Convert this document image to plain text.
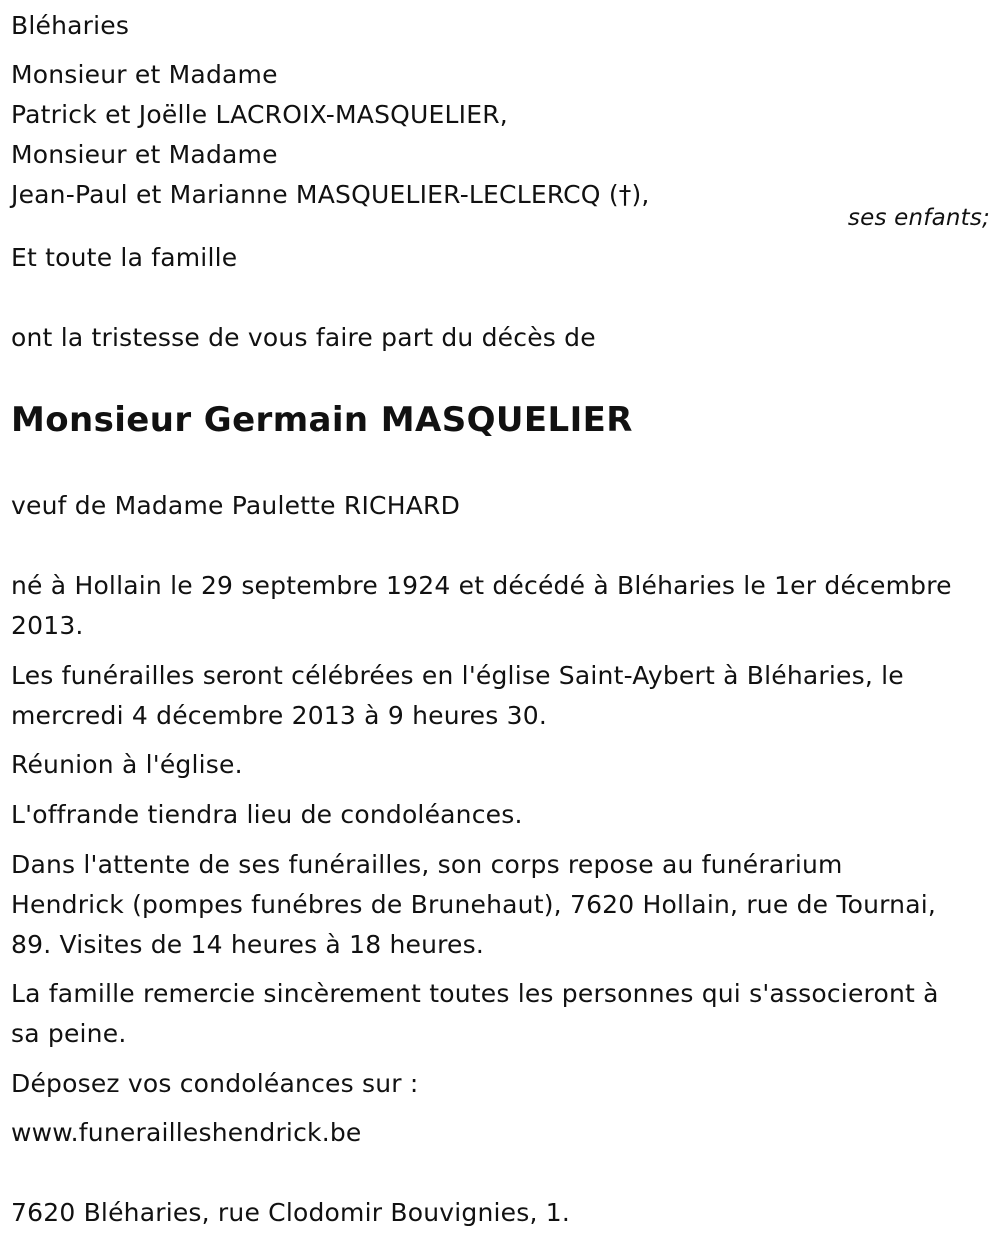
Bléharies
Monsieur et Madame
Patrick et Joëlle LACROIX-MASQUELIER,
Monsieur et Madame
Jean-Paul et Marianne MASQUELIER-LECLERCQ (†),
ses enfants;
Et toute la famille
ont la tristesse de vous faire part du décès de
Monsieur Germain MASQUELIER
veuf de Madame Paulette RICHARD
né à Hollain le 29 septembre 1924 et décédé à Bléharies le 1er décembre
2013.
Les funérailles seront célébrées en l'église Saint-Aybert à Bléharies, le
mercredi 4 décembre 2013 à 9 heures 30.
Réunion à l'église.
L'offrande tiendra lieu de condoléances.
Dans l'attente de ses funérailles, son corps repose au funérarium
Hendrick (pompes funébres de Brunehaut), 7620 Hollain, rue de Tournai,
89. Visites de 14 heures à 18 heures.
La famille remercie sincèrement toutes les personnes qui s'associeront à
sa peine.
Déposez vos condoléances sur :
www.funerailleshendrick.be
7620 Bléharies, rue Clodomir Bouvignies, 1.
